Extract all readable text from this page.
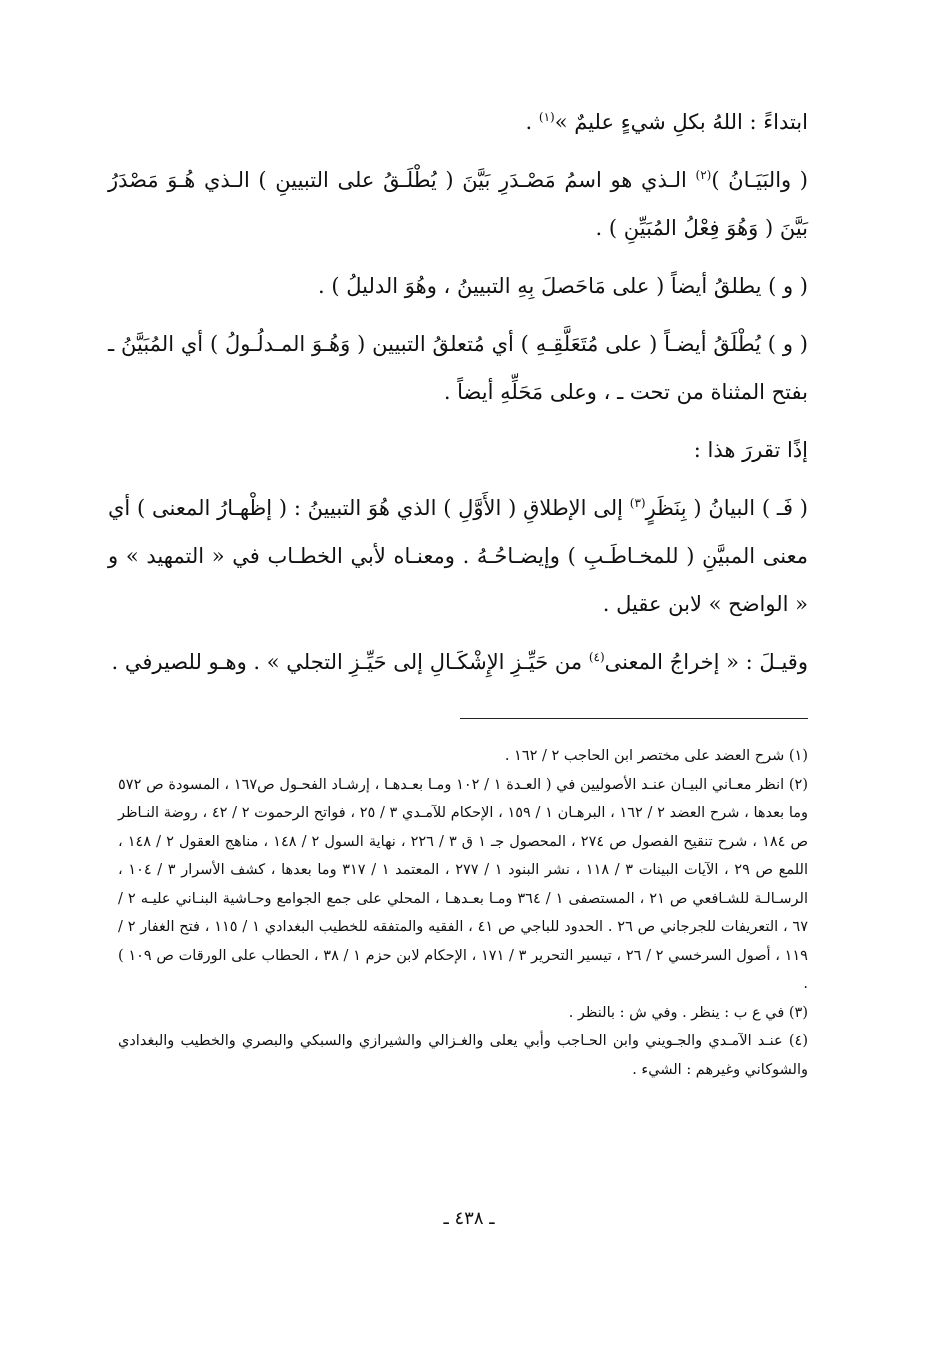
ابتداءً : اللهُ بكلِ شيءٍ عليمٌ »$^{(١)}$ .

( والبَيَـانُ )$^{(٢)}$ الـذي هو اسمُ مَصْـدَرِ بَيَّنَ ( يُطْلَـقُ على التبيينِ ) الـذي هُـوَ مَصْدَرُ بَيَّنَ ( وَهُوَ فِعْلُ المُبَيِّنِ ) .

( و ) يطلقُ أيضاً ( على مَاحَصلَ بِهِ التبيينُ ، وهُوَ الدليلُ ) .

( و ) يُطْلَقُ أيضـاً ( على مُتَعَلَّقِـهِ ) أي مُتعلقُ التبيين ( وَهُـوَ المـدلُـولُ ) أي المُبَيَّنُ ـ بفتح المثناة من تحت ـ ، وعلى مَحَلِّهِ أيضاً .

إذًا تقررَ هذا :

( فَـ ) البيانُ ( بِنَظَرٍ$^{(٣)}$ إلى الإطلاقِ ( الأَوَّلِ ) الذي هُوَ التبيينُ : ( إظْهـارُ المعنى ) أي معنى المبيَّنِ ( للمخـاطَـبِ ) وإيضـاحُـهُ . ومعنـاه لأبي الخطـاب في « التمهيد » و « الواضح » لابن عقيل .

وقيـلَ : « إخراجُ المعنى$^{(٤)}$ من حَيِّـزِ الإِشْكَـالِ إلى حَيِّـزِ التجلي » . وهـو للصيرفي .

(١) شرح العضد على مختصر ابن الحاجب ٢ / ١٦٢ .

(٢) انظر معـاني البيـان عنـد الأصوليين في ( العـدة ١ / ١٠٢ ومـا بعـدهـا ، إرشـاد الفحـول ص١٦٧ ، المسودة ص ٥٧٢ وما بعدها ، شرح العضد ٢ / ١٦٢ ، البرهـان ١ / ١٥٩ ، الإحكام للآمـدي ٣ / ٢٥ ، فواتح الرحموت ٢ / ٤٢ ، روضة النـاظر ص ١٨٤ ، شرح تنقيح الفصول ص ٢٧٤ ، المحصول جـ ١ ق ٣ / ٢٢٦ ، نهاية السول ٢ / ١٤٨ ، مناهج العقول ٢ / ١٤٨ ، اللمع ص ٢٩ ، الآيات البينات ٣ / ١١٨ ، نشر البنود ١ / ٢٧٧ ، المعتمد ١ / ٣١٧ وما بعدها ، كشف الأسرار ٣ / ١٠٤ ، الرسـالـة للشـافعي ص ٢١ ، المستصفى ١ / ٣٦٤ ومـا بعـدهـا ، المحلي على جمع الجوامع وحـاشية البنـاني عليـه ٢ / ٦٧ ، التعريفات للجرجاني ص ٢٦ . الحدود للباجي ص ٤١ ، الفقيه والمتفقه للخطيب البغدادي ١ / ١١٥ ، فتح الغفار ٢ / ١١٩ ، أصول السرخسي ٢ / ٢٦ ، تيسير التحرير ٣ / ١٧١ ، الإحكام لابن حزم ١ / ٣٨ ، الحطاب على الورقات ص ١٠٩ ) .

(٣) في ع ب : ينظر . وفي ش : بالنظر .

(٤) عنـد الآمـدي والجـويني وابن الحـاجب وأبي يعلى والغـزالي والشيرازي والسبكي والبصري والخطيب والبغدادي والشوكاني وغيرهم : الشيء .

ـ ٤٣٨ ـ
